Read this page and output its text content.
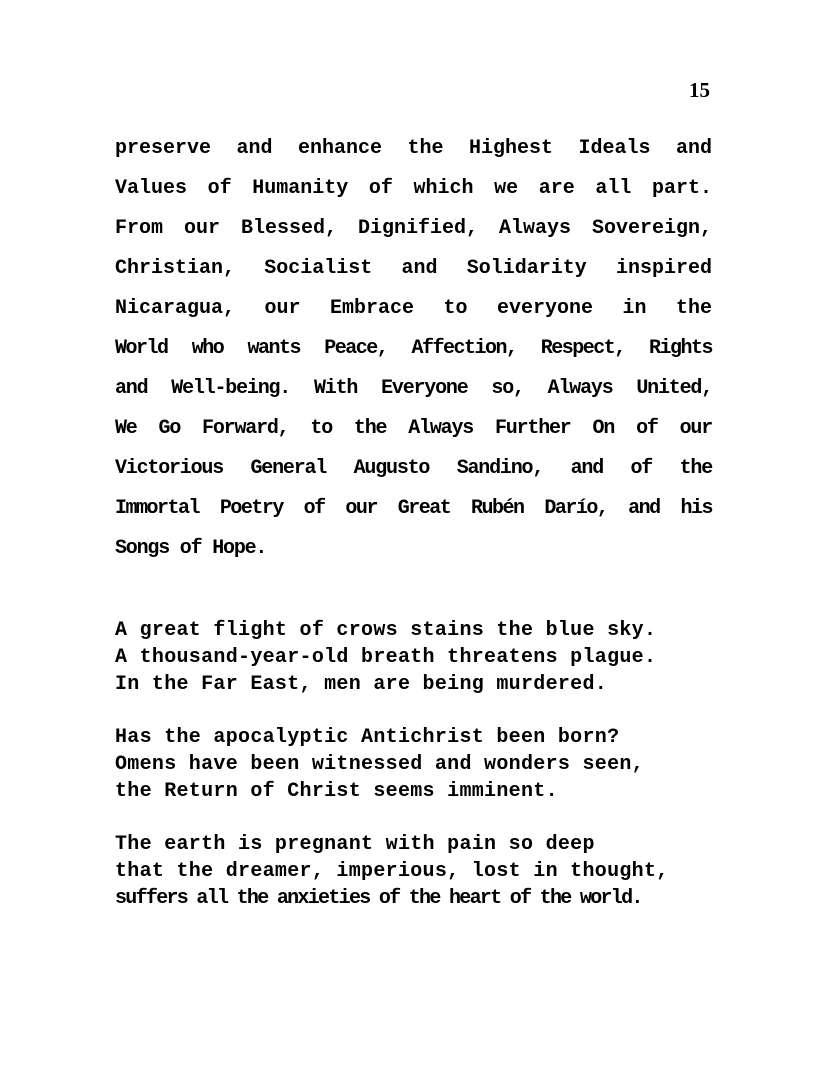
15
preserve and enhance the Highest Ideals and
Values of Humanity of which we are all part.
From our Blessed, Dignified, Always Sovereign,
Christian, Socialist and Solidarity inspired
Nicaragua, our Embrace to everyone in the
World who wants Peace, Affection, Respect, Rights
and Well-being. With Everyone so, Always United,
We Go Forward, to the Always Further On of our
Victorious General Augusto Sandino, and of the
Immortal Poetry of our Great Rubén Darío, and his
Songs of Hope.
A great flight of crows stains the blue sky.
A thousand-year-old breath threatens plague.
In the Far East, men are being murdered.
Has the apocalyptic Antichrist been born?
Omens have been witnessed and wonders seen,
the Return of Christ seems imminent.
The earth is pregnant with pain so deep
that the dreamer, imperious, lost in thought,
suffers all the anxieties of the heart of the world.
